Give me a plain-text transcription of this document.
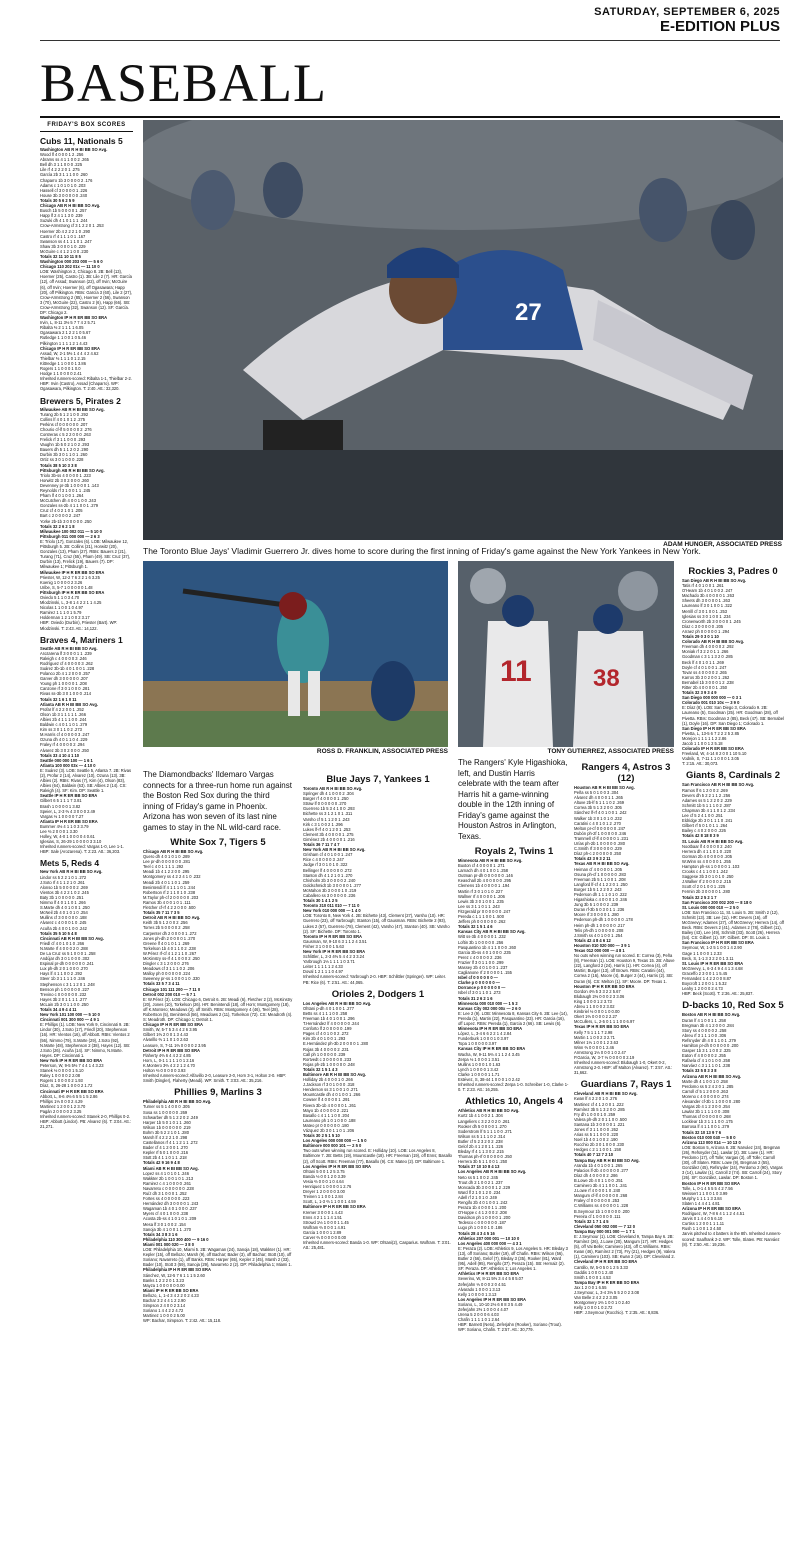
SATURDAY, SEPTEMBER 6, 2025
E-EDITION PLUS
BASEBALL
27
ADAM HUNGER, ASSOCIATED PRESS
The Toronto Blue Jays' Vladimir Guerrero Jr. dives home to score during the first inning of Friday's game against the New York Yankees in New York.
ROSS D. FRANKLIN, ASSOCIATED PRESS
11	38
TONY GUTIERREZ, ASSOCIATED PRESS
FRIDAY'S BOX SCORES
Cubs 11, Nationals 5
Washington AB R H BI BB SO Avg.
Wood lf 4 0 0 0 1 2 .256
Abrams ss 4 1 1 0 0 2 .265
Bell dh 3 1 1 0 0 0 .225
Lile rf 4 2 2 2 0 1 .275
García 2b 3 1 1 1 0 0 .260
Chaparro 1b 3 0 0 0 0 2 .176
Adams c 1 0 1 0 1 0 .203
Hassell cf 3 0 0 0 0 1 .226
House 3b 3 0 0 0 0 0 .240
Totals 30 5 6 2 5 9
Chicago AB R H BI BB SO Avg.
Busch 1b 5 0 0 0 0 1 .257
Happ lf 2 4 1 1 3 0 .239
Suzuki dh 4 1 0 1 1 1 .244
Crow-Armstrong cf 3 1 2 2 0 1 .253
Hoerner 2b 4 2 2 2 1 0 .290
Castro rf 4 1 1 1 0 1 .167
Swanson ss 4 1 1 1 0 1 .247
Shaw 3b 3 0 0 0 1 0 .229
McGuire c 4 1 2 1 0 0 .230
Totals 32 11 10 11 8 5
Washington 000 203 000 — 5 6 0
Chicago 110 202 01x — 11 10 0
LOB: Washington 2, Chicago 8. 2B: Bell (13), Hoerner (25), Castro (1). 3B: Lile 2 (7). HR: García (12), off Assad; Swanson (22), off Irvin; McGuire (6), off Irvin; Hoerner (6), off Ogasawara; Happ (20), off Pilkington. RBIs: García 3 (60), Lile 2 (27), Crow-Armstrong 2 (85), Hoerner 2 (56), Swanson 3 (70), McGuire (22), Castro 2 (6), Happ (66). SB: Crow-Armstrong (32), Swanson (12). SF: García. DP: Chicago 2.
Washington IP H R ER BB SO ERA
Irvin, L, 8-11 3⅓ 5 7 7 4 2 5.71
Ribalta ⅔ 2 1 1 1 1 6.05
Ogasawara 2 1 2 2 1 0 5.67
Rutledge 1 1 0 0 1 0 5.46
Pilkington 1 1 1 1 2 1 4.43
Chicago IP H R ER BB SO ERA
Assad, W, 2-1 5⅔ 1 4 4 4 2 4.62
Thielbar ⅔ 1 1 1 0 1 2.15
Kittredge 1 1 0 0 0 1 3.86
Rogers 1 1 0 0 0 1 0.0
Hodge 1 1 0 0 0 0 2.41
Inherited runners-scored: Ribalta 1-1, Thielbar 2-2. HBP: Irvin (Castro), Assad (Chaparro). WP: Ogasawara, Pilkington. T: 2:40. Att.: 32,320.
Brewers 5, Pirates 2
Milwaukee AB R H BI BB SO Avg.
Turang 2b 5 1 2 1 0 0 .292
Collins lf 4 0 1 0 1 2 .275
Perkins cf 0 0 0 0 0 0 .207
Chourio cf-lf 5 0 0 0 0 2 .276
Contreras c 5 2 2 0 0 0 .263
Frelick rf 3 1 1 0 0 0 .293
Vaughn 1b 5 0 2 1 0 2 .293
Bauers dh 5 1 1 2 0 2 .290
Durbin 3b 3 0 1 1 0 1 .260
Ortiz ss 3 0 1 0 0 0 .228
Totals 38 5 10 3 3 8
Pittsburgh AB R H BI BB SO Avg.
Triolo 3b-ss 4 0 0 0 0 1 .223
Horwitz 2b 3 0 2 0 0 0 .260
Devenney pr-3b 1 0 0 0 0 1 .143
Reynolds rf 3 1 0 0 1 1 .245
Pham lf 4 0 1 0 0 1 .264
McCutchen dh 4 0 0 1 0 0 .243
Gonzales ss-2b 4 1 1 0 0 1 .279
Cruz cf 4 0 2 1 0 1 .205
Bart c 2 0 0 0 0 2 .247
Yorke 2b-1b 3 0 0 0 0 0 .250
Totals 32 2 6 2 1 8
Milwaukee 100 002 011 — 5 10 0
Pittsburgh 011 000 000 — 2 6 3
E: Triolo (17), Gonzales (6). LOB: Milwaukee 12, Pittsburgh 5. 2B: Collins (21), Horwitz (20), Gonzales (13), Pham (27). RBIs: Bauers 2 (21), Turang (71), Cruz (55), Pham (49). SB: Cruz (37), Durbin (13), Frelick (19), Bauers (7). DP: Milwaukee 1; Pittsburgh 1.
Milwaukee IP H R ER BB SO ERA
Priester, W, 12-2 7 6 2 2 1 6 3.25
Koenig 1 0 0 0 0 2 3.26
Uribe, S, 5-7 1 0 0 0 0 0 1.48
Pittsburgh IP H R ER BB SO ERA
Oviedo 5 1 1 0 3 4.70
Mlodzinski, L, 3-8 1 4 2 2 1 1 4.25
Nicolas 1 1 0 0 1 0 4.97
Ramirez 1 1 1 0 1 5.79
Holderman 1 2 1 0 0 2 3.17
HBP: Oviedo (Durbin), Priester (Bart). WP: Mlodzinski. T: 2:43. Att.: 14,122.
Braves 4, Mariners 1
Seattle AB R H BI BB SO Avg.
Arozarena lf 3 0 0 0 1 1 .239
Raleigh c 4 0 0 0 0 3 .246
Rodríguez cf 4 0 0 0 0 3 .262
Suárez 3b-1b 4 0 1 0 0 1 .228
Polanco 2b 4 1 2 0 0 0 .257
Garver dh 3 0 0 0 0 0 .207
Young ph 1 0 0 0 0 1 .208
Canzone rf 3 0 1 0 0 0 .281
Rivas ss-3b 3 0 1 0 0 0 .214
Totals 32 1 6 1 0 11
Atlanta AB R H BI BB SO Avg.
Profar lf 4 2 2 0 0 1 .252
Olson 1b 3 1 1 1 1 1 .266
Albies 2b 4 1 1 1 0 0 .244
Baldwin c 4 0 1 1 0 1 .279
Kim ss 3 0 1 1 0 2 .273
M.Harris cf 4 0 0 0 0 3 .247
Ozuna dh 4 0 1 1 0 4 .229
Fraley rf 4 0 0 0 0 2 .294
Alvarez 3b 3 0 2 0 0 0 .250
Totals 33 4 10 4 1 10
Seattle 000 000 100 — 1 6 1
Atlanta 100 000 03x — 4 10 0
E: Suárez (3). LOB: Seattle 5, Atlanta 7. 2B: Rivas (2), Profar 2 (14), Alvarez (10), Ozuna (13). 3B: Albies (2). RBIs: Rivas (7), Kim (4), Olson (83), Albies (64), Baldwin (63). SB: Albies 2 (14). CS: Raleigh (4). SF: Kim. DP: Seattle 1.
Seattle IP H R ER BB SO ERA
Gilbert 6 5 1 1 1 7 3.81
Brash 1 0 0 0 0 1 3.82
Speier, L, 2-3 ⅔ 4 3 0 0 0 2.49
Vargas ⅓ 1 0 0 0 0 7.27
Atlanta IP H R ER BB SO ERA
Bummer 4⅓ 4 1 1 0 3 3.79
Lee ⅔ 2 0 0 0 1 3.30
Holley, W, 4-0 1 0 0 0 0 4 0.61
Iglesias, S, 26-29 1 0 0 0 0 3 3.10
Inherited runners-scored: Vargas 1-0, Lee 1-1. HBP: Sale (Arozarena). T: 2:23. Att.: 36,203.
Mets 5, Reds 4
New York AB R H BI BB SO Avg.
Lindor ss 5 2 2 1 0 1 .272
J.Soto rf 4 1 1 2 1 0 .261
Alonso 1b 5 0 0 0 0 2 .269
Vientos 3b 4 2 2 1 0 2 .245
Baty 3b 1 0 0 0 0 0 .251
Nimmo lf 4 0 1 1 0 1 .266
S.Marte dh 4 0 1 0 0 1 .250
McNeil 2b 4 0 1 0 1 0 .254
Mullins cf 3 0 0 0 0 0 .188
Alvarez c 4 0 0 0 1 0 .245
Acuña 2b 4 0 0 1 0 0 .242
Totals 35 5 10 5 4 8
Cincinnati AB R H BI BB SO Avg.
Friedl cf 4 0 1 0 1 0 .266
N.Marte rf 4 0 0 0 2 0 .288
De La Cruz ss 5 1 0 0 0 1 .258
Andújar dh 3 0 1 0 0 0 .302
Espinal pr-dh 0 0 0 0 0 0 .241
Lux ph-dh 2 0 1 0 0 0 .270
Hays lf 4 1 1 0 0 2 .292
Steer 1b 3 1 1 1 1 0 .246
Stephenson c 3 1 1 2 0 1 .248
Benson ph 1 0 0 0 0 0 .227
Trevino c 0 0 0 0 0 0 .232
Hayes 3b 2 0 1 1 1 1 .277
McLain 2b 3 0 1 1 0 0 .250
Totals 34 4 9 4 4 11
New York 101 100 000 — 5 10 0
Cincinnati 001 300 000 — 4 9 1
E: Phillips (1). LOB: New York 9, Cincinnati 9. 2B: Lindor (30), J.Soto (17), Friedl (20), Stephenson (16). HR: Vientos (16), off Abbott. RBIs: Vientos 2 (56), Nimmo (79), S.Marte (29), J.Soto (92), N.Marte (48), Stephenson 2 (38), Hayes (12). SB: J.Soto (26). Acuña (14). SF: Nimmo, N.Marte. Hayes. DP: Cincinnati 1.
New York IP H R ER BB SO ERA
Peterson, W, 9-5 5⅔ 7 4 4 1 4 3.23
Stanek ⅓ 0 0 0 0 1 5.10
Raley 1 0 0 0 0 2 2.08
Rogers 1 0 0 0 0 2 1.93
Díaz, S, 26-28 1 0 0 0 2 1.72
Cincinnati IP H R ER BB SO ERA
Abbott, L, 8-6 4⅔ 6 5 5 1 5 2.86
Phillips 1⅓ 0 0 0 2 4.29
Martinez 1 2 0 0 1 2 3.70
Pagán 2 0 0 0 0 2 3.25
Inherited runners-scored: Stanek 2-0, Phillips 0-2. HBP: Abbott (Lindor). PB: Alvarez (6). T: 3:04. Att.: 21,271.
The Diamondbacks' Ildemaro Vargas connects for a three-run home run against the Boston Red Sox during the third inning of Friday's game in Phoenix. Arizona has won seven of its last nine games to stay in the NL wild-card race.
White Sox 7, Tigers 5
Chicago AB R H BI BB SO Avg.
Quero dh 4 0 1 0 1 0 .289
Lee pr-dh 0 0 0 0 0 0 .281
Teel c 4 0 1 1 1 1 .292
Meadi 1b 4 1 2 2 0 0 .295
Montgomery ss 4 2 2 4 1 0 .232
Meadi 2b 4 0 1 1 0 1 .259
Benintendi lf 4 1 1 1 0 1 .244
Robertson rf 2 1 1 0 1 0 .238
M.Taylor ph-cf 2 0 0 0 0 0 .203
Ramos 3b 4 0 0 1 0 1 .111
Fletcher cf-rf 4 2 2 0 0 0 .500
Totals 35 7 11 7 3 5
Detroit AB R H BI BB SO Avg.
Keith 3b 5 1 2 0 0 2 .256
Torres 2b 5 0 0 0 0 2 .258
Carpenter dh 2 0 0 0 0 1 .272
Jones ph-dh 2 0 0 0 0 1 .270
Greene lf 4 0 1 0 1 1 .269
Torkelson 1b 4 0 1 1 0 2 .238
W.Pérez rf-cf 4 1 2 1 1 0 .267
McKinstry ss-rf 4 1 0 0 0 2 .250
Dingler c 3 1 2 0 0 0 .276
Meadows cf 3 1 1 1 0 2 .206
Malloy ph 0 0 0 0 0 0 .224
Sweeney pr-ss 1 0 0 0 1 0 .330
Totals 33 5 7 3 4 11
Chicago 101 111 200 — 7 11 0
Detroit 002 200 010 — 5 7 1
E: W.Pérez (3). LOB: Chicago 6, Detroit 6. 2B: Meadi (6), Fletcher 2 (2), McKinstry (20), Jones (10), Torkelson (26). HR: Benintendi (18), off Horn; Montgomery (18), off K.Montero; Meadows (3), off Smith. RBIs: Montgomery 4 (46), Teel (28), Robertson (5), Benintendi (56), Meadows 2 (11), Torkelson (72). CS: Meadroth (4). S: Meadroth. DP: Chicago 1; Detroit 1.
Chicago IP H R ER BB SO ERA
Smith, W, 5-7 5 3 4 4 2 6 3.95
Gilbert 1⅔ 2 0 0 1 3 4.43
Alvarillo ⅔ 1 1 0 1 0 2.63
Leasure, S, 7-11 1⅔ 0 0 0 0 2 3.95
Detroit IP H R ER BB SO ERA
Flaherty 4⅔ 6 4 4 2 2 4.85
Horn, L, 0-1 1 1 1 1 0 1 2.16
K.Montero 3⅔ 4 2 2 1 2 4.70
Holton ⅔ 0 0 0 0 0 3.93
Inherited runners-scored: Alfavillo 2-0, Leasure 2-0, Horn 3-1, Holton 2-0. HBP: Smith (Dingler), Flaherty (Meadi). WP: Smith. T: 3:03. Att.: 35,216.
Phillies 9, Marlins 3
Philadelphia AB R H BI BB SO Avg.
Turner ss 5 1 4 0 0 0 .305
Sosa ss 1 0 0 0 0 0 .269
Schwarber dh 5 1 2 2 0 2 .249
Harper 1b 5 0 1 0 1 1 .260
Wilson 1b 0 0 0 0 0 0 .219
Bohm 3b 5 2 2 1 0 1 .280
Marsh lf 4 2 2 2 1 0 .298
Castellanos rf 4 1 1 2 1 1 .272
Bader cf 4 1 2 0 0 1 .270
Kepler rf 5 0 1 0 0 0 .216
Stott 2b 4 1 1 0 1 1 .218
Totals 42 9 16 9 4 8
Miami AB R H BI BB SO Avg.
Lopez ss 4 1 0 1 0 1 .246
Wakkter 2b 1 0 0 1 0 1 .213
Ramirez c 4 1 0 0 0 0 .261
Navarreto c 0 0 0 0 0 0 .228
Ruíz dh 3 1 0 0 0 1 .252
Fortes ss 4 0 0 0 0 0 .223
Hernández dh 3 0 0 0 0 1 .243
Wagaman 1b 4 0 1 0 0 0 .237
Myers cf 4 0 1 0 0 0 .238
Acosta 2b-ss 4 1 0 1 0 1 .209
Mesa lf 3 0 1 0 0 2 .154
Sanoja 3b 4 1 0 0 1 1 .270
Totals 34 3 8 3 1 6
Philadelphia 110 300 400 — 9 16 0
Miami 001 000 020 — 3 8 0
LOB: Philadelphia 10, Miami 5. 2B: Wagaman (24), Sanoja (18), Wakkter (1). HR: Kepler (15), off Bellozo; Marsh (9), off Bachar; Bader (3), off Bachar; Stott (10), off Soriano; Navarreto (1), off Banks. RBIs: Harper (65), Kepler 2 (45), Marsh 2 (33), Bader (10), Stott 3 (59), Sanoja (29), Navarreto 2 (2). DP: Philadelphia 1; Miami 1.
Philadelphia IP H R ER BB SO ERA
Sánchez, W, 12-5 7 6 1 1 1 5 2.60
Banks 1 2 2 2 0 1 3.23
Mayza 1 0 0 0 0 0 0.00
Miami IP H R ER BB SO ERA
Bellozo, L, 1-4 3 4 2 2 0 2 4.23
Bachar 3 2 4 4 1 2 2.90
Simpson 2 4 0 0 2 3.14
Soriano 1 4 4 2 2 4.72
Martinez 1 0 0 0 2 5.00
WP: Bachar, Simpson. T: 2:42. Att.: 15,118.
Blue Jays 7, Yankees 1
Toronto AB R H BI BB SO Avg.
Springer dh 4 1 0 0 0 2 .304
Barger rf 4 0 0 0 0 1 .250
Straw lf 0 0 0 0 0 0 .270
Guerrero 1b 5 3 4 1 0 0 .293
Bichette ss 3 1 2 1 0 1 .311
Varsho cf 5 1 1 2 0 1 .243
Kirk c 3 1 0 0 2 1 .296
Lukes lf-rf 4 0 1 2 0 1 .253
Clement 3b 4 0 0 0 0 1 .275
Giménez 2b 4 0 0 0 0 1 .216
Totals 36 7 11 7 4 7
New York AB R H BI BB SO Avg.
Grisham cf 4 0 1 0 0 1 .247
Rice c 4 0 0 0 0 3 .247
Judge rf 3 0 1 0 1 0 .322
Bellinger lf 4 0 0 0 0 0 .272
Stanton dh 4 1 2 1 0 1 .270
Chisholm 2b 3 0 0 0 0 2 .240
Goldschmidt 1b 3 0 0 0 0 1 .277
McMahon 3b 3 0 0 0 1 0 .219
Caballero ss 3 0 0 0 0 0 .236
Totals 30 1 4 1 2 5
Toronto 310 011 010 — 7 11 0
New York 010 000 000 — 1 4 0
LOB: Toronto 8, New York 4. 2B: Bichette (43), Clement (27), Varsho (10). HR: Guerrero (23), off Yarbrough; Stanton (15), off Gausman. RBIs: Bichette 2 (93), Lukes 2 (57), Guerrero (78), Clement (42), Varsho (47), Stanton (40). SB: Varsho (2). SF: Bichette. DP: Toronto 1.
Toronto IP H R ER BB SO ERA
Gausman, W, 9-10 6 3 1 1 2 4 3.51
Fisher 3 1 0 0 0 1 5.63
New York IP H R ER BB SO ERA
Schlittler, L, 2-3 4⅔ 5 4 4 2 3 3.24
Yarbrough 1⅓ 1 1 1 1 0 3.71
Leiter 1 1 1 1 1 2 4.33
Doval 1 2 1 1 1 0 4.97
Inherited runners-scored: Yarbrough 2-0. HBP: Schlittler (Springer). WP: Leiter. PB: Rice (6). T: 2:51. Att.: 44,065.
Orioles 2, Dodgers 1
Los Angeles AB R H BI BB SO Avg.
Ohtani p-dh 4 0 1 0 0 1 .277
Betts ss 4 1 1 1 0 0 .258
Freeman 1b 4 0 1 0 0 1 .296
T.Hernández lf 4 0 0 0 0 0 .244
Conforto lf 2 0 0 0 0 0 .199
Pages cf 4 0 1 0 0 2 .272
Kim 2b 4 0 1 0 0 1 .293
E.Hernández ph-3b 2 0 0 0 0 1 .280
Rojas 3b 4 0 0 0 0 2 .231
Call ph 1 0 0 0 0 0 .239
Rortvedt c 3 0 0 0 0 0 .233
Rojas ph-2b 1 0 0 0 0 0 .248
Totals 32 1 5 1 4 3
Baltimore AB R H BI BB SO Avg.
Holliday 2b 4 0 0 0 1 0 .266
J.Jackson rf 3 0 1 0 0 0 .318
Henderson ss 3 1 0 0 1 0 .271
Mountcastle dh 4 0 1 0 0 1 .266
Cowser lf 4 0 0 0 0 1 .291
Rivera 3b-1b 4 0 0 0 0 1 .261
Mayo 1b 4 0 0 0 0 2 .221
Basallo c 4 1 1 1 0 0 .204
Laureano ph 1 0 1 0 0 0 .188
Mateo pr 0 0 0 0 0 0 .180
Vázquez 2b 3 0 1 1 0 1 .206
Totals 30 2 5 1 5 10
Los Angeles 000 000 000 — 1 5 0
Baltimore 000 000 101 — 2 5 0
Two outs when winning run scored. E: Holliday (10). LOB: Los Angeles 8, Baltimore 7. 2B: Betts (19), Mountcastle (18). HR: Freeman (19), off Enns; Basallo (2), off Scott. RBIs: Freeman (77), Basallo (9). CS: Mateo (2). DP: Baltimore 1.
Los Angeles IP H R ER BB SO ERA
Ohtani 5 0 0 1 2 5 3.75
Banda ⅓ 0 0 1 2 0 3.39
Vesia ⅔ 0 0 0 1 0 4.64
Henriquez 1 0 0 0 0 1 2.76
Dreyer 1 2 0 0 0 0 3.00
Treinen 1 1 0 0 1 2.84
Scott, L, 1-3 ⅔ 1 1 0 0 1 4.59
Baltimore IP H R ER BB SO ERA
Kremer 3 0 0 0 1 4.43
Enns 4 2 1 1 1 4 1.51
Strowd 1⅓ 1 0 0 0 1 1.45
Wolfram ⅔ 0 0 0 1 4.91
Garcia 1 0 0 0 1 2.89
Carver ⅔ 0 0 0 0 0 0.00
Inherited runners-scored: Banda 1-0. WP: Ohtani(2), Casparius. Wolfram. T: 3:01. Att.: 25,481.
The Rangers' Kyle Higashioka, left, and Dustin Harris celebrate with the team after Harris hit a game-winning double in the 12th inning of Friday's game against the Houston Astros in Arlington, Texas.
Royals 2, Twins 1
Minnesota AB R H BI BB SO Avg.
Buxton cf 4 0 0 0 0 1 .271
Larnach dh 4 0 1 0 0 1 .258
Outman pr-dh 0 0 0 0 0 0 .146
Keaschall 2b 4 0 0 0 0 0 .295
Clemens 1b 4 0 0 0 0 1 .194
Martin rf 3 0 1 0 1 0 .227
Wallner rf 4 0 0 0 0 1 .206
Lewis 3b 3 0 1 0 0 1 .235
Lee ss 3 1 1 0 1 1 .243
Fitzgerald pr 0 0 0 0 0 0 .247
Pereda c 1 1 1 0 0 1 .500
Jeffers ph 0 0 0 0 0 0 .262
Totals 32 1 5 1 4 6
Kansas City AB R H BI BB SO Avg.
Witt ss-3b 4 0 0 0 0 1 .232
Loftin 3b 1 0 0 0 0 0 .256
Pasquantino 1b 4 1 1 0 0 0 .260
Garcia 3b-ss 4 0 1 0 0 0 .235
Perez c 4 0 0 0 0 2 .236
Frazier lf 3 0 1 1 0 0 .299
Massey 2b 4 0 1 0 0 1 .237
Caglianone rf 2 0 0 0 0 1 .155
Isbel cf 0 0 0 0 0 0 —
Clarke p 0 0 0 0 0 0 —
Dorrance p 0 0 0 0 0 0 —
Isbel cf 3 0 1 1 0 1 .273
Totals 31 2 6 2 1 6
Minnesota 000 010 000 — 1 5 2
Kansas City 002 000 00x — 2 6 0
E: Lee 2 (9). LOB: Minnesota 8, Kansas City 6. 2B: Lee (14), Pereda (1), Martin (22), Pasquantino (23). HR: Garcia (16), off Lopez. RBIs: Pereda (1), Garcia 2 (66). SB: Lewis (6).
Minnesota IP H R ER BB SO ERA
López, L, 3-4 6 6 2 2 1 4 2.84
Funderburk 1 0 0 0 1 0 3.97
Topa 1 0 0 0 0 0 3.97
Kansas City IP H R ER BB SO ERA
Wacha, W, 9-11 5⅔ 4 1 1 2 4 3.45
Zerpa ⅓ 1 0 0 0 1 3.51
Mullins 1 0 0 0 1 0 1.63
Lynch 1 0 0 0 0 1 3.42
Clarke 1 0 0 0 0 1 1.71
Estévez, S, 38-44 1 0 0 0 1 0 2.42
Inherited runners-scored: Zerpa 1-0. Schreiber 1-0, Clarke 1-0. T: 2:23. Att.: 16,255.
Athletics 10, Angels 4
Athletics AB R H BI BB SO Avg.
Kurtz 1b 4 1 0 0 2 1 .304
Langeliers c 3 2 2 0 2 0 .261
Rooker dh 5 0 0 0 0 1 .270
Soderstrom lf 5 1 1 1 0 0 .271
Wilson ss 5 1 1 1 0 2 .314
Butler cf 5 2 3 2 0 2 .238
Gelof 2b 4 1 2 0 1 1 .226
Bleday rf 4 1 1 3 0 2 .215
Thomas ph-rf 0 0 0 0 0 0 .250
Herrera 3b 5 1 1 0 0 1 .250
Totals 37 10 10 8 4 13
Los Angeles AB R H BI BB SO Avg.
Neto ss 5 1 0 0 2 .245
Trout dh 2 1 0 0 2 1 .237
Moncada 3b 3 0 0 0 1 2 .229
Ward lf 2 1 0 1 2 0 .234
Adell rf 2 1 0 1 0 .249
Rengifo 2b 4 0 1 0 0 1 .242
Peraza 1b 4 0 0 0 1 1 .200
O'Hoppe c 4 1 2 0 0 2 .208
Davidson ph 1 0 0 0 0 1 .200
Tedesco c 0 0 0 0 0 0 .187
Lugo ph 1 0 0 0 1 0 .186
Totals 28 4 3 4 5 16
Athletics 207 000 001 — 10 10 0
Los Angeles 400 000 000 — 4 3 1
E: Peraza (2). LOB: Athletics 9, Los Angeles 5. HR: Bleday 3 (13), off Soriano; Butler (19), off Chafin. RBIs: Wilson (56), Butler 2 (56), Gelof (7), Bleday 3 (35), Rooker (81), Ward (95), Adell (95), Rengifo (37). Peraza (15). SB: Hernaiz (2). SF: Peraza. DP: Athletics 1; Los Angeles 1.
Athletics IP H R ER BB SO ERA
Severino, W, 8-11 5⅔ 3 4 4 5 8 5.07
Zeferjahn ⅓ 0 0 0 2 0 4.51
Alvarado 1 0 0 0 1 3.13
Kelly 1 0 0 0 0 1 3.13
Los Angeles IP H R ER BB SO ERA
Soriano, L, 10-10 2⅓ 6 8 8 3 5 4.49
Zeferjahn 2⅔ 1 0 0 0 4 4.07
Urena 5 2 0 0 0 6 4.03
Chafin 1 1 1 1 0 1 2.64
HBP: Barnett (Neto), Zeferjahn (Rooker), Soriano (Trout). WP: Soriano, Chafin. T: 2:57. Att.: 30,779.
Rangers 4, Astros 3 (12)
Houston AB R H BI BB SO Avg.
Peña ss 5 0 1 0 0 3 .304
Alvarez dh 4 0 0 0 1 1 .265
Altuve 2b-lf 5 1 1 1 0 2 .269
Correa 3b 5 1 3 2 0 0 .305
Sánchez lf-rf 4 0 1 0 0 1 .242
Walker 1b 3 0 1 0 1 0 .232
Caratini c 4 0 1 0 1 2 .270
Melton pr-cf 0 0 0 0 0 0 .247
Dubón ph-2f 1 0 0 0 0 0 .246
Trammell cf-lf 4 0 0 0 0 1 .231
Urías ph-2b 1 0 0 0 0 0 .280
C.Smith rf 3 0 0 0 0 0 .229
Díaz ph-c 2 0 0 0 0 0 .250
Totals 43 3 9 3 2 11
Texas AB R H BI BB SO Avg.
Heiman cf 4 0 0 0 0 1 .205
Osuna ph-cf 1 0 0 0 0 0 .283
Freeman 2b 5 1 1 0 0 1 .208
Langford lf-cf 4 1 2 2 0 1 .250
Burger 1b 5 1 2 2 0 2 .243
Pederson dh 1 1 1 0 1 0 .222
Higashioka c 4 0 0 0 1 0 .246
Jung 3b 5 1 0 0 0 2 .239
Duran rf-3b 5 0 3 0 1 1 .236
Moore rf 3 0 0 0 0 1 .280
Pederson ph-dh 1 0 0 0 0 0 .178
Heim ph-dh 1 0 0 0 0 0 .217
Telis ph-dh 1 0 0 0 0 0 .208
J.Smith ss 4 0 1 0 0 1 .254
Totals 42 4 8 4 6 12
Houston 010 020 000 — 3 9 1
Texas 012 000 000 — 4 8 1
No outs when winning run scored. E: Correa (3), Peña (8), Freeman (1). LOB: Houston 9, Texas 15. 2B: Altuve (22), Langford 2 (24), Harris (1). HR: Correa (4), off Martin; Burger (13), off Brown. RBIs: Caratini (44), Correa 2 (16), Moore (4), Burger 2 (44), Harris (2). SB: Duran (6). CS: Melton (1). SF: Moore. DP: Texas 1.
Houston IP H R ER BB SO ERA
Gordon 4⅔ 5 3 3 2 2 5.67
Blubaugh 2⅓ 0 0 0 2 3 3.06
King 1 0 0 0 1 2 3.73
Abreu 1 1 0 0 0 2 3.02
Kimbriel ⅓ 0 0 0 1 0 0.00
Okert 1⅔ 0 0 0 0 2 2.27
McCullers, L, 2-5 0 1 1 1 0 0 6.97
Texas IP H R ER BB SO ERA
Kelly 7 5 1 1 1 7 2.98
Martin 1 1 0 0 2 3 2.71
Milner 1⅓ 1 0 0 1 2 3.63
Winn ⅔ 0 0 0 0 1 2.46
Armstrong 1⅓ 0 0 0 1 0 2.47
P.Garcia, W, 3-7 ⅓ 0 0 0 0 0 2.19
Inherited runners-scored: Blubaugh 1-0, Okert 0-2, Armstrong 2-0. HBP: off Malton (Alvarez). T: 3:57. Att.: 31,662.
Guardians 7, Rays 1
Cleveland AB R H BI BB SO Avg.
Kwan lf 4 2 2 0 1 0 .276
Martinez cf 4 1 2 0 0 1 .222
Ramírez 3b 5 1 3 2 0 0 .285
Fry dh 1 0 0 0 1 0 .259
Valera ph-dh 2 0 1 1 0 0 .500
Santana 1b 3 0 0 0 0 1 .221
Jones rf 3 1 1 0 0 0 .262
Arias ss 5 1 1 0 0 0 .220
Noel 1b 4 0 1 0 0 2 .190
Rocchio 2b 3 0 1 0 0 0 .230
Hedges c 2 1 1 0 0 1 .158
Totals 40 7 12 7 2 10
Tampa Bay AB R H BI BB SO Avg.
Aranda 1b 4 0 1 0 0 1 .265
Palacios lf-2b 4 0 0 0 0 0 .277
Díaz dh 4 0 0 0 0 2 .286
B.Lowe 2b 4 0 1 1 0 0 .251
Caminero 3b 4 1 1 0 0 1 .241
J.Lowe rf 4 0 0 0 1 0 .240
Mangum cf-lf 4 0 0 0 0 0 .268
Fraley cf 0 0 0 0 0 0 .253
C.Williams ss 4 0 0 0 0 1 .228
B.Seymour 1b 1 0 0 0 0 0 .200
Pereira cf 1 0 0 0 0 0 .111
Totals 32 1 7 1 4 5
Cleveland 050 002 000 — 7 12 0
Tampa Bay 000 001 000 — 1 7 1
E: J.Seymour (1). LOB: Cleveland 9, Tampa Bay 6. 2B: Ramírez (26), J.Lowe (20), Mangum (17). HR: Hedges (5), off Vai Belle; Caminero (43), off C.Williams. RBIs: Kwan (46), Ramírez 2 (73), Fry (21), Hedges (9), Valera (1), Caminero (103). SB: Kwan 2 (16). DP: Cleveland 2.
Cleveland IP H R ER BB SO ERA
Cantillo, W, 5-0 5 0 1 2 5 3.33
Gaddis 1 0 0 0 1 2.40
Smith 1 0 0 0 1 4.53
Tampa Bay IP H R ER BB SO ERA
Jax 1 2 0 0 1 6.55
J.Seymour, L, 3-4 3⅓ 5 5 2 0 2 3.08
Van Belle 2 4 2 2 2 3.05
Montgomery 1⅔ 1 0 0 1 0 2.40
Kelly 1 0 0 0 1 0 2.72
HBP: J.Seymour (Rocchio). T: 2:35. Att.: 8,836.
Rockies 3, Padres 0
San Diego AB R H BI BB SO Avg.
Tatis rf 4 0 1 0 0 1 .261
O'Hearn 1b 4 0 1 0 0 2 .247
Machado 3b 4 0 0 0 0 1 .263
Sheets dh 3 0 0 0 0 1 .263
Laureano lf 3 0 1 0 0 1 .322
Merrill cf 3 0 1 0 0 1 .253
Iglesias ss 3 0 1 0 0 1 .234
Cronenworth 2b 3 0 0 0 0 1 .245
Díaz c 3 0 0 0 0 0 .205
Arraez ph 0 0 0 0 0 1 .294
Totals 29 0 3 0 1 10
Colorado AB R H BI BB SO Avg.
Freeman dh 4 0 0 0 0 2 .292
Moniak rf 3 2 2 0 1 1 .266
Goodman c 3 1 1 3 2 0 .285
Beck lf 4 0 1 0 1 1 .269
Doyle cf 4 0 1 0 0 1 .247
Tovar ss 4 0 0 0 0 2 .265
Karros 3b 3 0 2 0 0 1 .262
Bernabel 1b 3 0 0 0 1 2 .238
Ritter 2b 4 0 0 0 0 1 .250
Totals 32 3 9 3 4 9
San Diego 000 000 000 — 0 3 1
Colorado 001 010 10x — 3 9 0
E: Díaz (8). LOB: San Diego 3, Colorado 9. 2B: Laureano (5), Goodman (25). HR: Goodman (28), off Pivetta. RBIs: Goodman 2 (85), Beck (47). SB: Bernabel (1), Doyle (16). DP: San Diego 1; Colorado 1.
San Diego IP H R ER BB SO ERA
Pivetta, L, 13-5 6 7 2 2 2 5 2.85
Morejon 1 1 1 1 1 2 2.86
Jacob 1 1 0 0 1 2 5.18
Colorado IP H R ER BB SO ERA
Freeland, W, 4-14 8 2 0 0 1 10 5.10
Vodnik, S, 7-11 1 1 0 0 0 1 3.05
T: 2:15. Att.: 30,073.
Giants 8, Cardinals 2
San Francisco AB R H BI BB SO Avg.
Ramos lf 6 1 2 0 0 2 .269
Devers dh 5 2 2 1 1 2 .256
Adames ss 5 1 2 2 0 2 .229
Schmitt 1b 5 1 1 1 0 2 .287
Chapman 3b 4 1 1 0 1 2 .234
Lee cf 5 2 4 1 0 0 .251
Eldridge 2b 3 0 1 1 1 0 .241
Gilbert rf 5 0 1 0 1 1 .264
Bailey c 4 0 2 0 0 0 .226
Totals 42 8 18 8 3 9
St. Louis AB R H BI BB SO Avg.
Nootbaar lf 4 0 0 0 0 2 .240
Herrera dh 4 1 1 0 1 0 .220
Gorman 2b 4 0 0 0 0 0 .205
W.Winn ss 4 0 0 0 0 1 .255
Hampton ph-ss 1 0 0 0 0 1 .103
Crooks c 4 1 1 0 0 1 .242
Saggese 3b 3 0 1 0 1 0 .250
J.Walker rf 2 0 0 0 0 2 .215
Scott cf 2 0 1 0 0 1 .225
Fermin 2b 3 0 0 0 0 1 .280
Totals 32 2 5 2 1 7
San Francisco 200 002 200 — 8 18 0
St. Louis 000 000 010 — 2 5 0
LOB: San Francisco 11, St. Louis 5. 2B: Smith 2 (12), Schmitt (13). 3B: Lee (11). HR: Devers (16), off McGreevy; Adames (27), off McGreevy; Herrera (14), off Beck. RBIs: Devers 2 (41), Adames 2 (78), Gilbert (11), Bailey (43), Lee (49), Schmitt (33), Scott (26), Herrera (54). CS: Gilbert (1). SF: Gilbert. DP: St. Louis 1.
San Francisco IP H R ER BB SO ERA
Seymour, W, 1-2 5 1 0 0 1 4 2.90
Gage 1 1 0 0 0 1 2.33
Beck, S, 1-1 3 3 2 2 0 1 3.11
St. Louis IP H R ER BB SO ERA
McGreevy, L, 6-3 4 9 4 4 1 3 4.68
Graceffo 2 3 0 0 1 1 5.45
Fernandez 1 4 2 2 0 0 8.87
Boycroft 1 2 0 0 1 1 5.32
Leahy 1 2 0 0 0 2 4.73
HBP: Beck (Scott). T: 2:36. Att.: 25,837.
D-backs 10, Red Sox 5
Boston AB R H BI BB SO Avg.
Duran lf 4 1 0 0 1 1 .258
Bregman 3b 4 1 2 0 0 0 .284
Story ss 4 0 0 0 0 2 .258
Abreu rf 3 1 1 1 0 0 .306
Refsnyder dh 4 0 1 1 0 1 .279
Hamilton pr-dh 0 0 0 0 0 0 .200
Gasper 1b 3 1 1 0 0 2 .325
Eaton rf 4 0 0 0 0 2 .255
Rafaela cf 4 1 0 1 0 0 .258
Narváez c 3 1 1 1 0 1 .238
Totals 33 5 8 3 3 8
Arizona AB R H BI BB SO Avg.
Marte dh 4 1 0 0 1 0 .258
Perdomo ss 5 2 4 2 0 1 .285
Carroll cf 5 1 2 0 0 0 .263
Moreno c 4 0 0 0 0 0 .274
Alexander cf-3b 1 1 0 0 0 0 .280
Vargas 2b 4 1 2 3 0 0 .254
Lawlar 3b 1 1 1 1 0 0 .308
Thomas cf 0 0 0 0 0 0 .268
Locklear 1b 3 1 1 1 0 0 .175
Barrosa lf 4 1 1 0 0 1 .279
Totals 32 10 13 9 7 6
Boston 010 000 040 — 5 8 0
Arizona 113 000 014 — 10 13 0
LOB: Boston 5, Arizona 8. 2B: Narváez (24), Bregman (26), Refsnyder (11), Lawlar (2). 3B: Lowe (1). HR: Perdomo (17), off Tolle; Vargas (3), off Tolle; Carroll (30), off Slaten. RBIs: Lowe (9), Bregman 2 (55), González (45), Refsnyder (24), Perdomo 2 (90), Vargas 3 (14), Lawlar (1), Carroll 2 (74). SB: Carroll (24), Story (26). SF: González, Lawlar. DP: Boston 1.
Boston IP H R ER BB SO ERA
Tolle, L, 0-1 4 5 5 5 4 2 7.56
Weissert 1 1 0 0 1 0 3.99
Murphy 1 1 1 1 3 3.84
Slaten 1 4 4 4 1 4.81
Arizona IP H R ER BB SO ERA
Rodriguez, W, 7-8 6 4 1 1 2 4 4.51
Jarvis 0 1 4 4 0 5 6.10
Curtiss 1 2 0 0 1 1 1.11
Rush 1 1 0 0 1 3 4.50
Jarvis pitched to 4 batters in the 8th. Inherited runners-scored: Saalfrank 2-2. WP: Tolle, Slaten. PB: Narváez (8). T: 2:50. Att.: 19,236.
